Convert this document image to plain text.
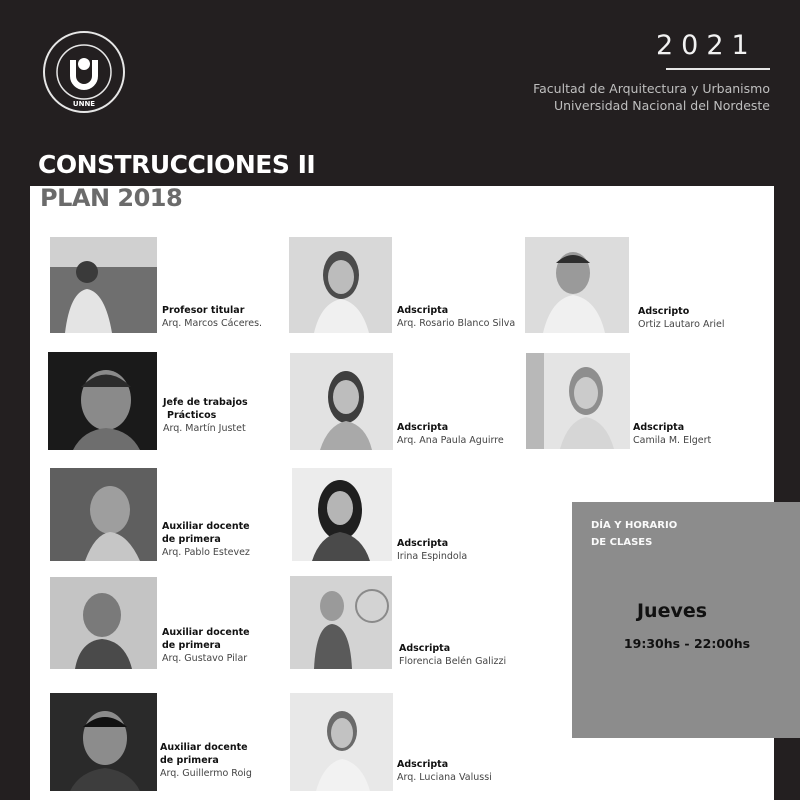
UNNE
2021
Facultad de Arquitectura y Urbanismo
Universidad Nacional del Nordeste
CONSTRUCCIONES II
PLAN 2018
Profesor titular
Arq. Marcos Cáceres.
Jefe de trabajos
Prácticos
Arq. Martín Justet
Auxiliar docente
de primera
Arq. Pablo Estevez
Auxiliar docente
de primera
Arq. Gustavo Pilar
Auxiliar docente
de primera
Arq. Guillermo Roig
Adscripta
Arq. Rosario Blanco Silva
Adscripta
Arq. Ana Paula Aguirre
Adscripta
Irina Espindola
Adscripta
Florencia Belén Galizzi
Adscripta
Arq. Luciana Valussi
Adscripto
Ortiz Lautaro Ariel
Adscripta
Camila M. Elgert
DÍA Y HORARIO
DE CLASES
Jueves
19:30hs - 22:00hs
